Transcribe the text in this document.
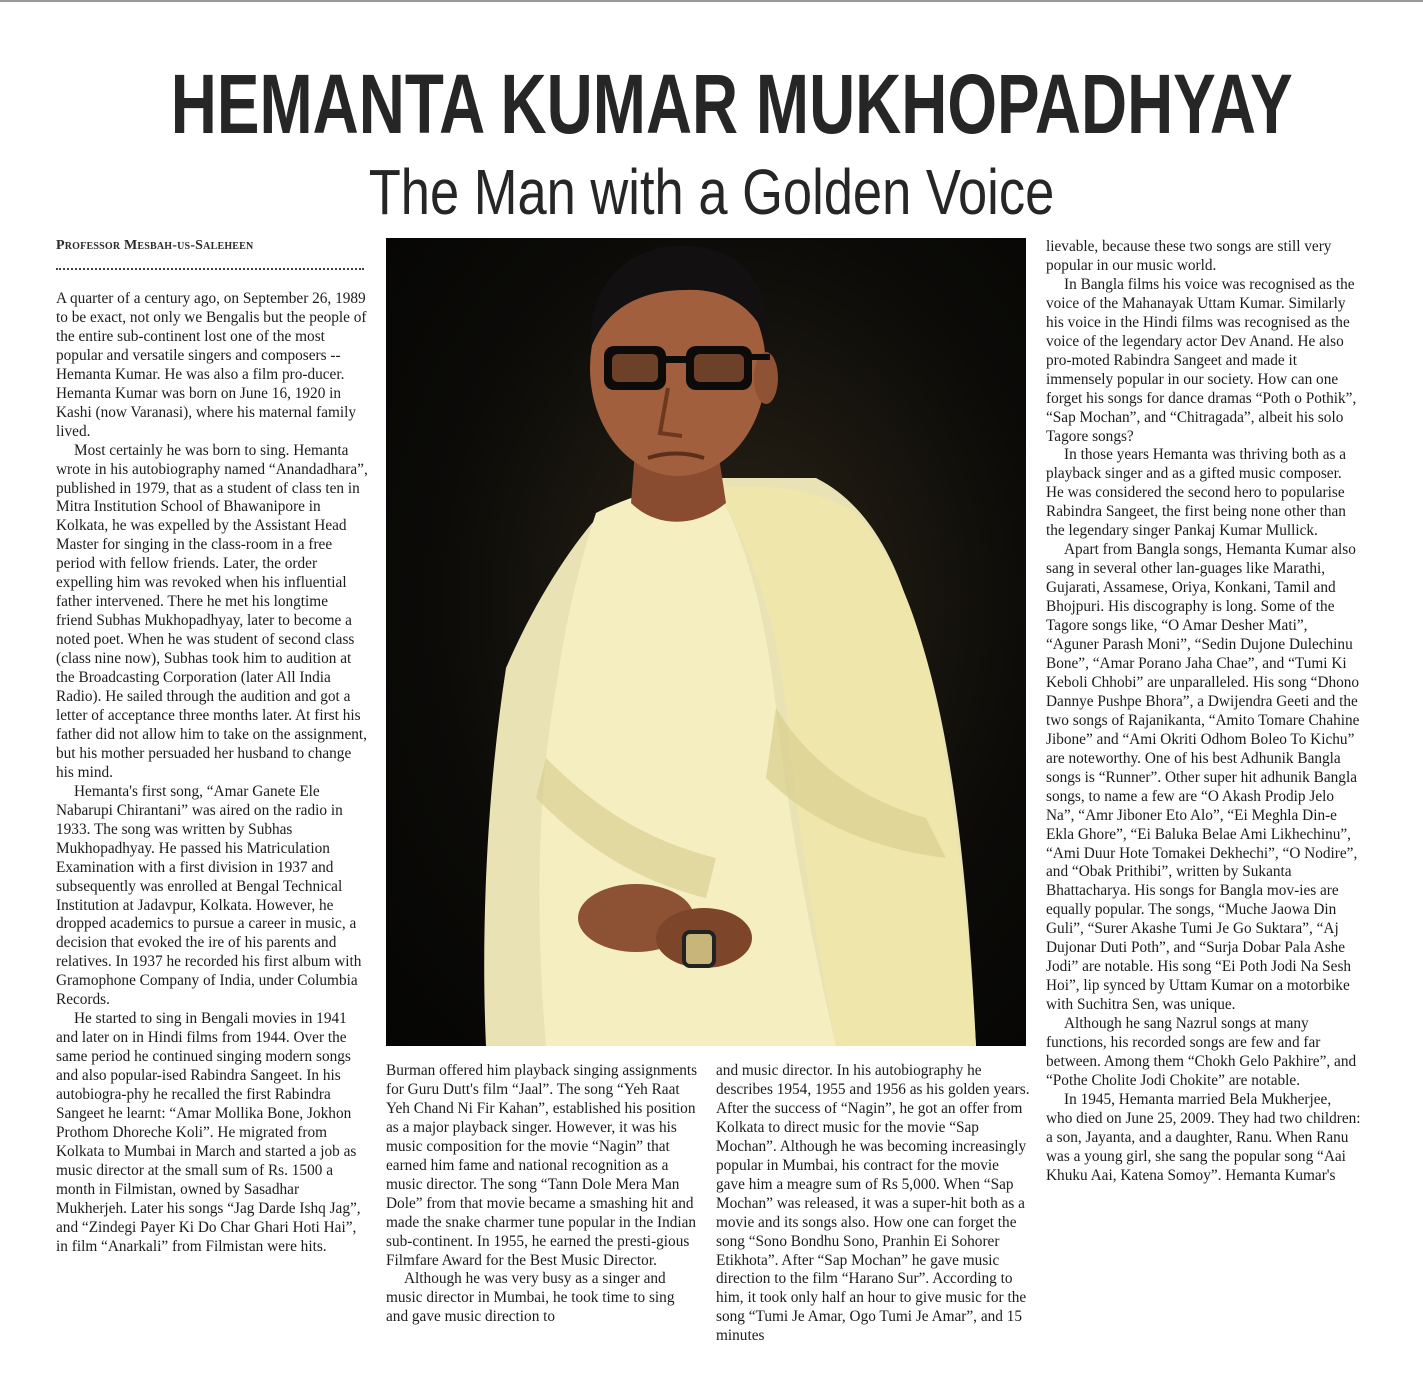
HEMANTA KUMAR MUKHOPADHYAY
The Man with a Golden Voice
Professor Mesbah-us-Saleheen

A quarter of a century ago, on September 26, 1989 to be exact, not only we Bengalis but the people of the entire sub-continent lost one of the most popular and versatile singers and composers -- Hemanta Kumar. He was also a film pro-ducer. Hemanta Kumar was born on June 16, 1920 in Kashi (now Varanasi), where his maternal family lived.

Most certainly he was born to sing. Hemanta wrote in his autobiography named “Anandadhara”, published in 1979, that as a student of class ten in Mitra Institution School of Bhawanipore in Kolkata, he was expelled by the Assistant Head Master for singing in the class-room in a free period with fellow friends. Later, the order expelling him was revoked when his influential father intervened. There he met his longtime friend Subhas Mukhopadhyay, later to become a noted poet. When he was student of second class (class nine now), Subhas took him to audition at the Broadcasting Corporation (later All India Radio). He sailed through the audition and got a letter of acceptance three months later. At first his father did not allow him to take on the assignment, but his mother persuaded her husband to change his mind.

Hemanta's first song, “Amar Ganete Ele Nabarupi Chirantani” was aired on the radio in 1933. The song was written by Subhas Mukhopadhyay. He passed his Matriculation Examination with a first division in 1937 and subsequently was enrolled at Bengal Technical Institution at Jadavpur, Kolkata. However, he dropped academics to pursue a career in music, a decision that evoked the ire of his parents and relatives. In 1937 he recorded his first album with Gramophone Company of India, under Columbia Records.

He started to sing in Bengali movies in 1941 and later on in Hindi films from 1944. Over the same period he continued singing modern songs and also popular-ised Rabindra Sangeet. In his autobiogra-phy he recalled the first Rabindra Sangeet he learnt: “Amar Mollika Bone, Jokhon Prothom Dhoreche Koli”. He migrated from Kolkata to Mumbai in March and started a job as music director at the small sum of Rs. 1500 a month in Filmistan, owned by Sasadhar Mukherjeh. Later his songs “Jag Darde Ishq Jag”, and “Zindegi Payer Ki Do Char Ghari Hoti Hai”, in film “Anarkali” from Filmistan were hits.

Burman offered him playback singing assignments for Guru Dutt's film “Jaal”. The song “Yeh Raat Yeh Chand Ni Fir Kahan”, established his position as a major playback singer. However, it was his music composition for the movie “Nagin” that earned him fame and national recognition as a music director. The song “Tann Dole Mera Man Dole” from that movie became a smashing hit and made the snake charmer tune popular in the Indian sub-continent. In 1955, he earned the presti-gious Filmfare Award for the Best Music Director.

Although he was very busy as a singer and music director in Mumbai, he took time to sing and gave music direction to

and music director. In his autobiography he describes 1954, 1955 and 1956 as his golden years. After the success of “Nagin”, he got an offer from Kolkata to direct music for the movie “Sap Mochan”. Although he was becoming increasingly popular in Mumbai, his contract for the movie gave him a meagre sum of Rs 5,000. When “Sap Mochan” was released, it was a super-hit both as a movie and its songs also. How one can forget the song “Sono Bondhu Sono, Pranhin Ei Sohorer Etikhota”. After “Sap Mochan” he gave music direction to the film “Harano Sur”. According to him, it took only half an hour to give music for the song “Tumi Je Amar, Ogo Tumi Je Amar”, and 15 minutes

lievable, because these two songs are still very popular in our music world.

In Bangla films his voice was recognised as the voice of the Mahanayak Uttam Kumar. Similarly his voice in the Hindi films was recognised as the voice of the legendary actor Dev Anand. He also pro-moted Rabindra Sangeet and made it immensely popular in our society. How can one forget his songs for dance dramas “Poth o Pothik”, “Sap Mochan”, and “Chitragada”, albeit his solo Tagore songs?

In those years Hemanta was thriving both as a playback singer and as a gifted music composer. He was considered the second hero to popularise Rabindra Sangeet, the first being none other than the legendary singer Pankaj Kumar Mullick.

Apart from Bangla songs, Hemanta Kumar also sang in several other lan-guages like Marathi, Gujarati, Assamese, Oriya, Konkani, Tamil and Bhojpuri. His discography is long. Some of the Tagore songs like, “O Amar Desher Mati”, “Aguner Parash Moni”, “Sedin Dujone Dulechinu Bone”, “Amar Porano Jaha Chae”, and “Tumi Ki Keboli Chhobi” are unparalleled. His song “Dhono Dannye Pushpe Bhora”, a Dwijendra Geeti and the two songs of Rajanikanta, “Amito Tomare Chahine Jibone” and “Ami Okriti Odhom Boleo To Kichu” are noteworthy. One of his best Adhunik Bangla songs is “Runner”. Other super hit adhunik Bangla songs, to name a few are “O Akash Prodip Jelo Na”, “Amr Jiboner Eto Alo”, “Ei Meghla Din-e Ekla Ghore”, “Ei Baluka Belae Ami Likhechinu”, “Ami Duur Hote Tomakei Dekhechi”, “O Nodire”, and “Obak Prithibi”, written by Sukanta Bhattacharya. His songs for Bangla mov-ies are equally popular. The songs, “Muche Jaowa Din Guli”, “Surer Akashe Tumi Je Go Suktara”, “Aj Dujonar Duti Poth”, and “Surja Dobar Pala Ashe Jodi” are notable. His song “Ei Poth Jodi Na Sesh Hoi”, lip synced by Uttam Kumar on a motorbike with Suchitra Sen, was unique.

Although he sang Nazrul songs at many functions, his recorded songs are few and far between. Among them “Chokh Gelo Pakhire”, and “Pothe Cholite Jodi Chokite” are notable.

In 1945, Hemanta married Bela Mukherjee, who died on June 25, 2009. They had two children: a son, Jayanta, and a daughter, Ranu. When Ranu was a young girl, she sang the popular song “Aai Khuku Aai, Katena Somoy”. Hemanta Kumar's
